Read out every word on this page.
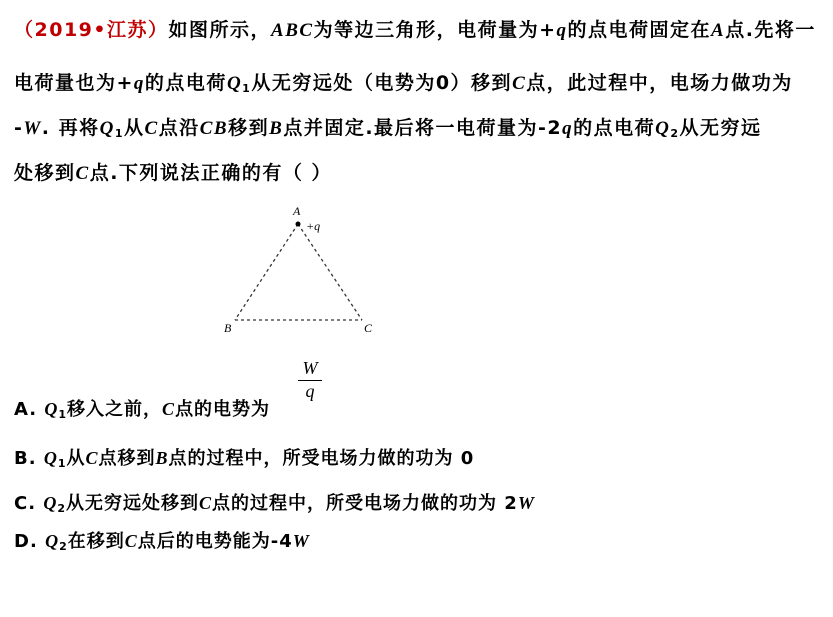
（2019•江苏）如图所示，ABC为等边三角形，电荷量为+q的点电荷固定在A点.先将一
电荷量也为+q的点电荷$Q_1$从无穷远处（电势为0）移到C点，此过程中，电场力做功为
-W. 再将$Q_1$从C点沿CB移到B点并固定.最后将一电荷量为-2q的点电荷$Q_2$从无穷远
处移到C点.下列说法正确的有（ ）
A
+q
B	C
A. $Q_1$移入之前，C点的电势为
W
q
B. $Q_1$从C点移到B点的过程中，所受电场力做的功为 0
C. $Q_2$从无穷远处移到C点的过程中，所受电场力做的功为 2W
D. $Q_2$在移到C点后的电势能为-4W
